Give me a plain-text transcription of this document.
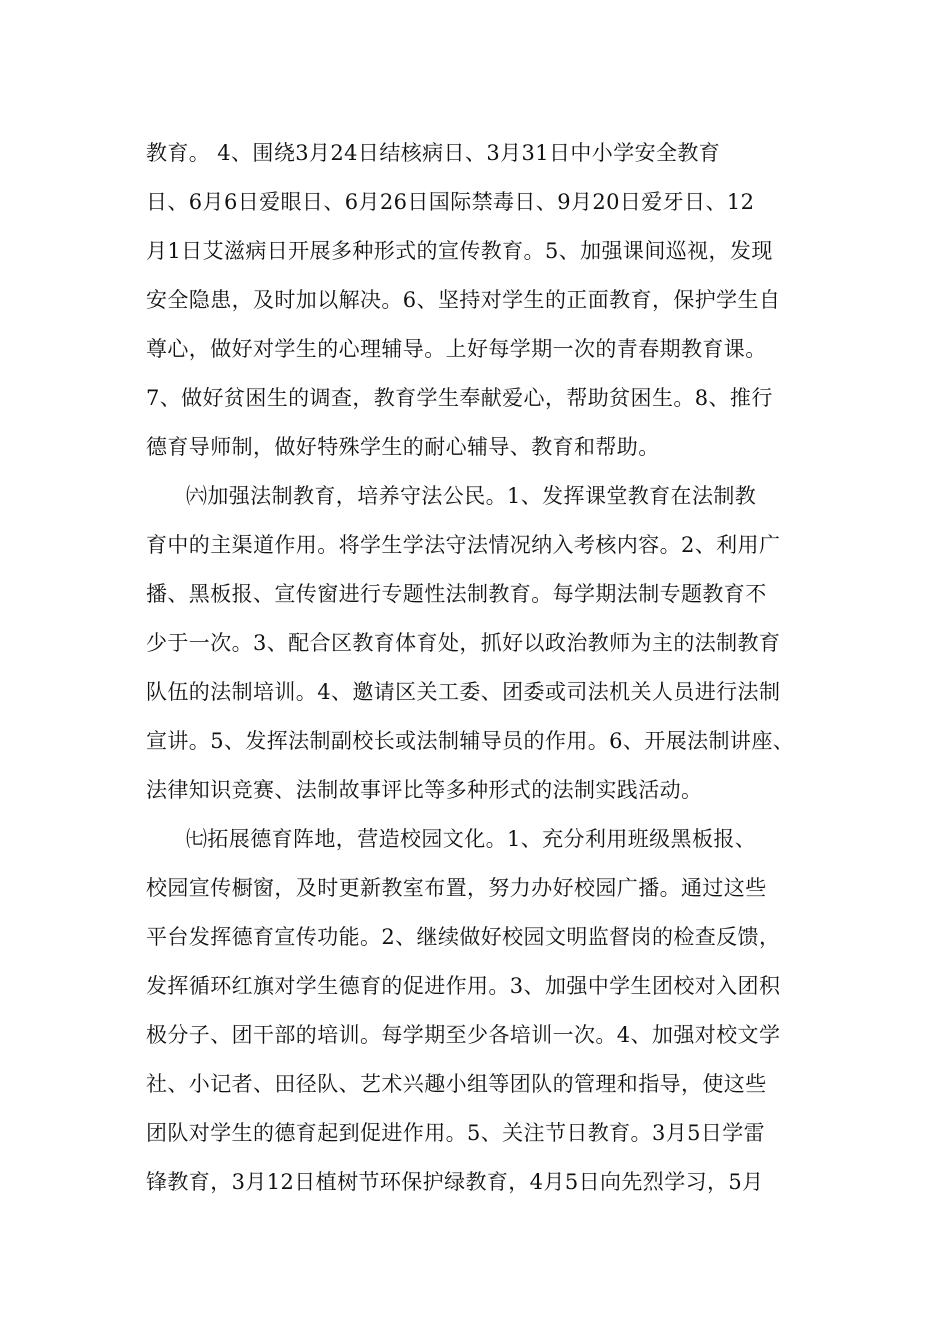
教育。 4、围绕3月24日结核病日、3月31日中小学安全教育
日、6月6日爱眼日、6月26日国际禁毒日、9月20日爱牙日、12
月1日艾滋病日开展多种形式的宣传教育。5、加强课间巡视，发现
安全隐患，及时加以解决。6、坚持对学生的正面教育，保护学生自
尊心，做好对学生的心理辅导。上好每学期一次的青春期教育课。
7、做好贫困生的调查，教育学生奉献爱心，帮助贫困生。8、推行
德育导师制，做好特殊学生的耐心辅导、教育和帮助。
㈥加强法制教育，培养守法公民。1、发挥课堂教育在法制教
育中的主渠道作用。将学生学法守法情况纳入考核内容。2、利用广
播、黑板报、宣传窗进行专题性法制教育。每学期法制专题教育不
少于一次。3、配合区教育体育处，抓好以政治教师为主的法制教育
队伍的法制培训。4、邀请区关工委、团委或司法机关人员进行法制
宣讲。5、发挥法制副校长或法制辅导员的作用。6、开展法制讲座、
法律知识竞赛、法制故事评比等多种形式的法制实践活动。
㈦拓展德育阵地，营造校园文化。1、充分利用班级黑板报、
校园宣传橱窗，及时更新教室布置，努力办好校园广播。通过这些
平台发挥德育宣传功能。2、继续做好校园文明监督岗的检查反馈，
发挥循环红旗对学生德育的促进作用。3、加强中学生团校对入团积
极分子、团干部的培训。每学期至少各培训一次。4、加强对校文学
社、小记者、田径队、艺术兴趣小组等团队的管理和指导，使这些
团队对学生的德育起到促进作用。5、关注节日教育。3月5日学雷
锋教育，3月12日植树节环保护绿教育，4月5日向先烈学习，5月
